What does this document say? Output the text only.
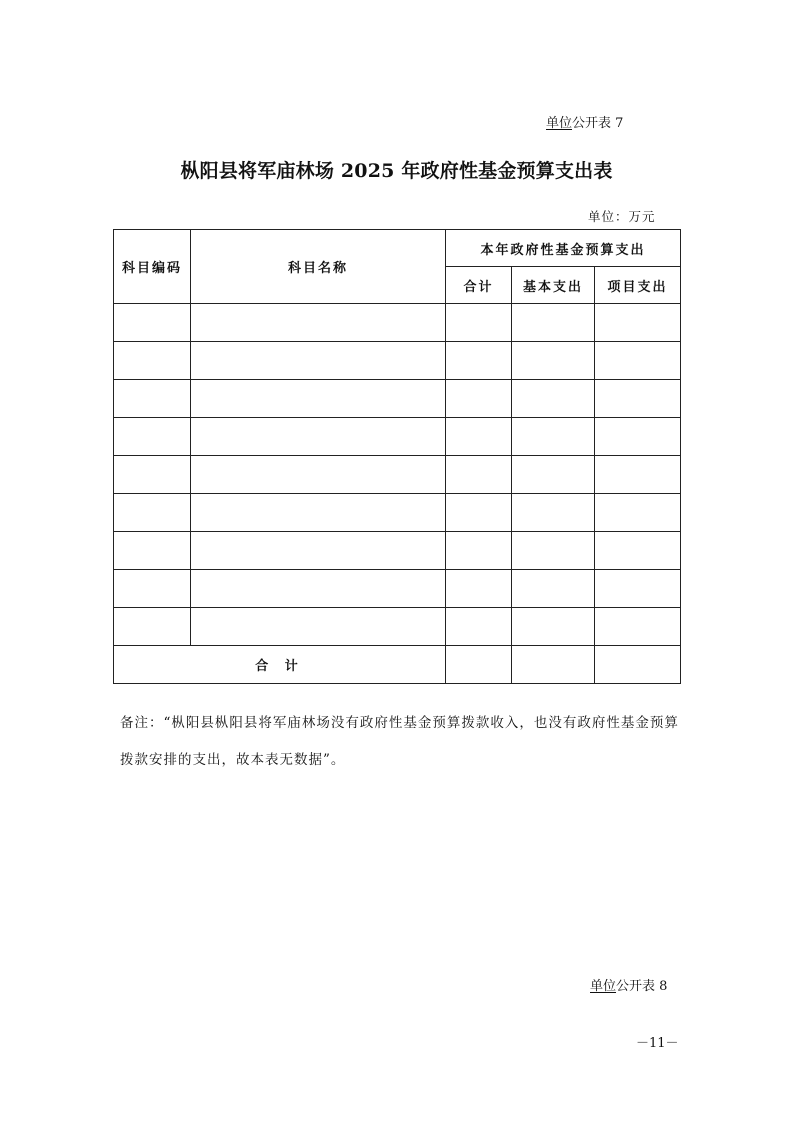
单位公开表 7
枞阳县将军庙林场 2025 年政府性基金预算支出表
单位：万元
科目编码	科目名称	本年政府性基金预算支出		
		合计	基本支出	项目支出

合 计				
备注：“枞阳县枞阳县将军庙林场没有政府性基金预算拨款收入，也没有政府性基金预算拨款安排的支出，故本表无数据”。
单位公开表 8
－11－
